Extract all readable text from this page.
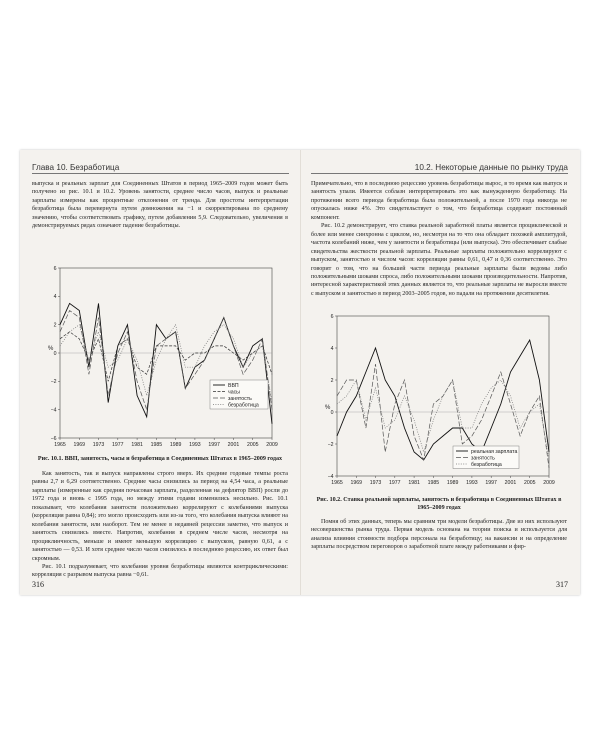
Глава 10. Безработица

выпуска и реальных зарплат для Соединенных Штатов в период 1965–2009 годов может быть получено из рис. 10.1 и 10.2. Уровень занятости, среднее число часов, выпуск и реальные зарплаты измерены как процентные отклонения от тренда. Для простоты интерпретации безработица была перевернута путем домножения на −1 и скорректирована по среднему значению, чтобы соответствовать графику, путем добавления 5,9. Следовательно, увеличения в демонстрируемых рядах означают падение безработицы.

6
4
2
0
−2
−4
−6
1965 1969 1973 1977 1981 1985 1989 1993 1997 2001 2005 2009
%
ВВП
часы
занятость
безработица
Рис. 10.1. ВВП, занятость, часы и безработица в Соединенных Штатах в 1965–2009 годах

Как занятость, так и выпуск направлены строго вверх. Их средние годовые темпы роста равны 2,7 и 6,29 соответственно. Средние часы снизились за период на 4,54 часа, а реальные зарплаты (измеренные как средняя почасовая зарплата, разделенная на дефлятор ВВП) росли до 1972 года и вновь с 1995 года, но между этими годами изменились несильно. Рис. 10.1 показывает, что колебания занятости положительно коррелируют с колебаниями выпуска (корреляция равна 0,84); это могло происходить или из-за того, что колебания выпуска влияют на колебания занятости, или наоборот. Тем не менее в недавней рецессии заметно, что выпуск и занятость снизились вместе. Напротив, колебания в среднем числе часов, несмотря на проциклинчность, меньше и имеют меньшую корреляцию с выпуском, равную 0,61, а с занятостью — 0,53. И хотя среднее число часов снизилось в последнюю рецессию, их ответ был скромным.

Рис. 10.1 подразумевает, что колебания уровня безработицы являются контрциклическими: корреляция с разрывом выпуска равна −0,61.

316
10.2. Некоторые данные по рынку труда

Примечательно, что в последнюю рецессию уровень безработицы вырос, в то время как выпуск и занятость упали. Имеется соблазн интерпретировать это как вынужденную безработицу. На протяжении всего периода безработица была положительной, а после 1970 года никогда не опускалась ниже 4%. Это свидетельствует о том, что безработица содержит постоянный компонент.

Рис. 10.2 демонстрирует, что ставка реальной заработной платы является проциклической и более или менее синхронна с циклом, но, несмотря на то что она обладает похожей амплитудой, частота колебаний ниже, чем у занятости и безработицы (или выпуска). Это обеспечивает слабые свидетельства жесткости реальной зарплаты. Реальные зарплаты положительно коррелируют с выпуском, занятостью и числом часов: корреляции равны 0,61, 0,47 и 0,36 соответственно. Это говорит о том, что на большей части периода реальные зарплаты были ведомы либо положительными шоками спроса, либо положительными шоками производительности. Напротив, интересной характеристикой этих данных является то, что реальные зарплаты не выросли вместе с выпуском и занятостью в период 2003–2005 годов, но падали на протяжении десятилетия.

6
4
2
0
−2
−4
1965 1969 1973 1977 1981 1985 1989 1993 1997 2001 2005 2009
%
реальная зарплата
занятость
безработица
Рис. 10.2. Ставка реальной зарплаты, занятость и безработица в Соединенных Штатах в 1965–2009 годах

Помня об этих данных, теперь мы сравним три модели безработицы. Две из них используют несовершенства рынка труда. Первая модель основана на теории поиска и используется для анализа влияния стоимости подбора персонала на безработицу; на вакансии и на определение зарплаты посредством переговоров о заработной плате между работниками и фир-

317
